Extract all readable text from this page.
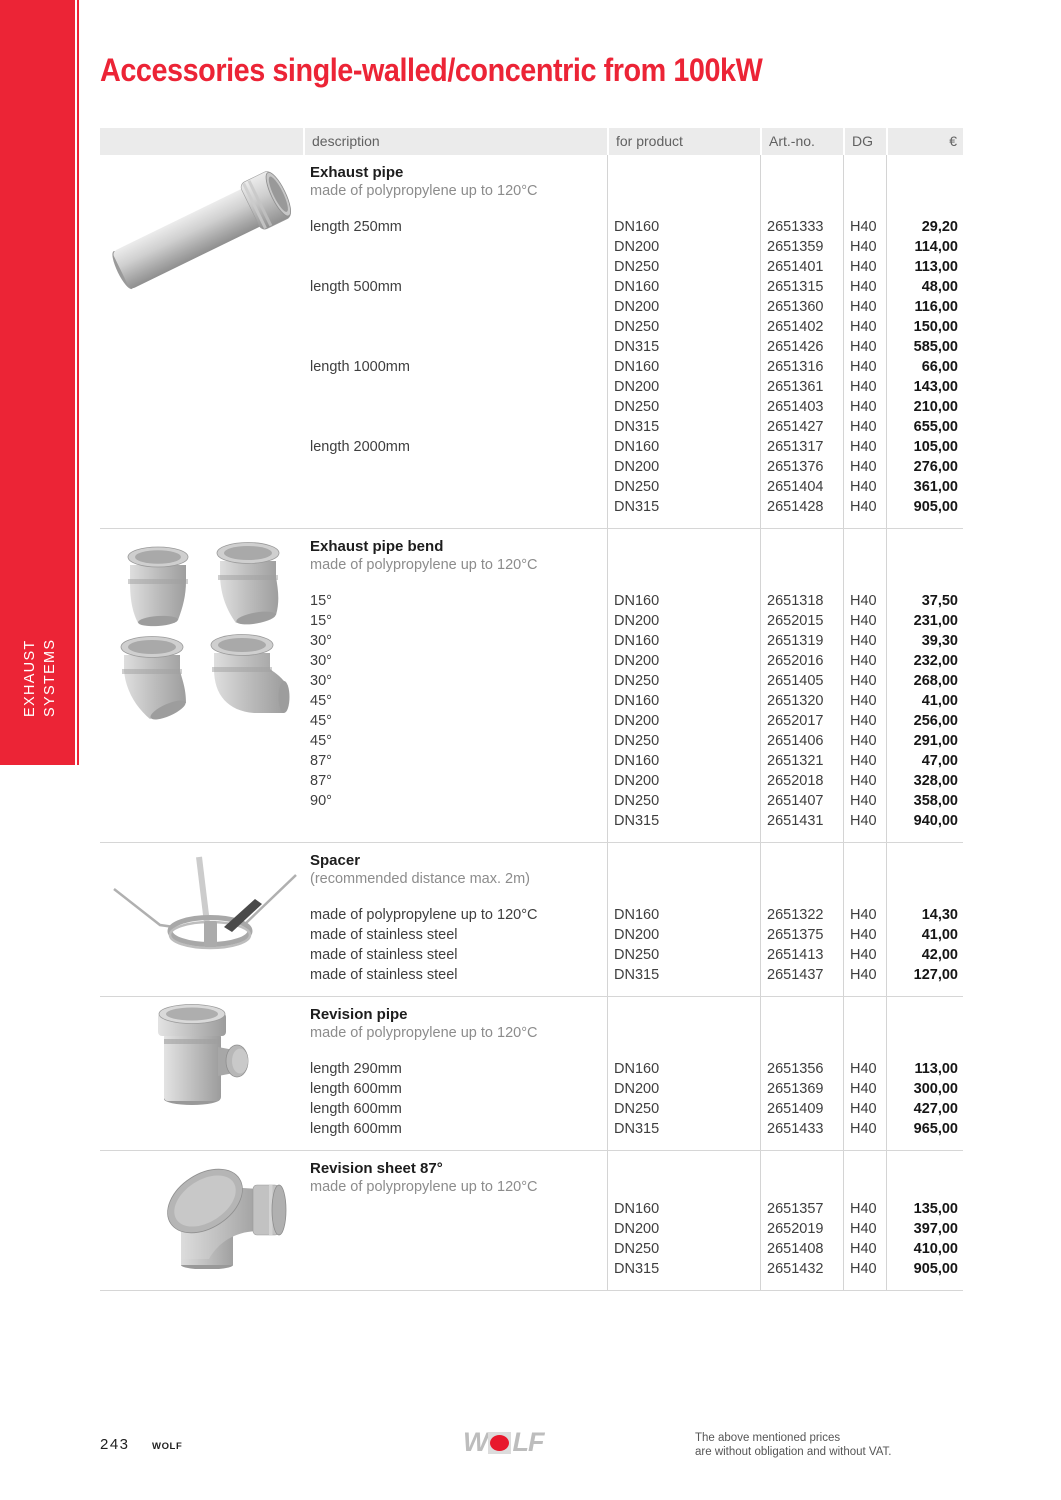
EXHAUST SYSTEMS
Accessories single-walled/concentric from 100kW
description	for product	Art.-no.	DG	€
Exhaust pipe
made of polypropylene up to 120°C
length 250mm	DN160	2651333	H40	29,20
DN200	2651359	H40	114,00
DN250	2651401	H40	113,00
length 500mm	DN160	2651315	H40	48,00
DN200	2651360	H40	116,00
DN250	2651402	H40	150,00
DN315	2651426	H40	585,00
length 1000mm	DN160	2651316	H40	66,00
DN200	2651361	H40	143,00
DN250	2651403	H40	210,00
DN315	2651427	H40	655,00
length 2000mm	DN160	2651317	H40	105,00
DN200	2651376	H40	276,00
DN250	2651404	H40	361,00
DN315	2651428	H40	905,00
Exhaust pipe bend
made of polypropylene up to 120°C
15°	DN160	2651318	H40	37,50
15°	DN200	2652015	H40	231,00
30°	DN160	2651319	H40	39,30
30°	DN200	2652016	H40	232,00
30°	DN250	2651405	H40	268,00
45°	DN160	2651320	H40	41,00
45°	DN200	2652017	H40	256,00
45°	DN250	2651406	H40	291,00
87°	DN160	2651321	H40	47,00
87°	DN200	2652018	H40	328,00
90°	DN250	2651407	H40	358,00
DN315	2651431	H40	940,00
Spacer
(recommended distance max. 2m)
made of polypropylene up to 120°C	DN160	2651322	H40	14,30
made of stainless steel	DN200	2651375	H40	41,00
made of stainless steel	DN250	2651413	H40	42,00
made of stainless steel	DN315	2651437	H40	127,00
Revision pipe
made of polypropylene up to 120°C
length 290mm	DN160	2651356	H40	113,00
length 600mm	DN200	2651369	H40	300,00
length 600mm	DN250	2651409	H40	427,00
length 600mm	DN315	2651433	H40	965,00
Revision sheet 87°
made of polypropylene up to 120°C
DN160	2651357	H40	135,00
DN200	2652019	H40	397,00
DN250	2651408	H40	410,00
DN315	2651432	H40	905,00
243 WOLF	W LF	The above mentioned prices
are without obligation and without VAT.
